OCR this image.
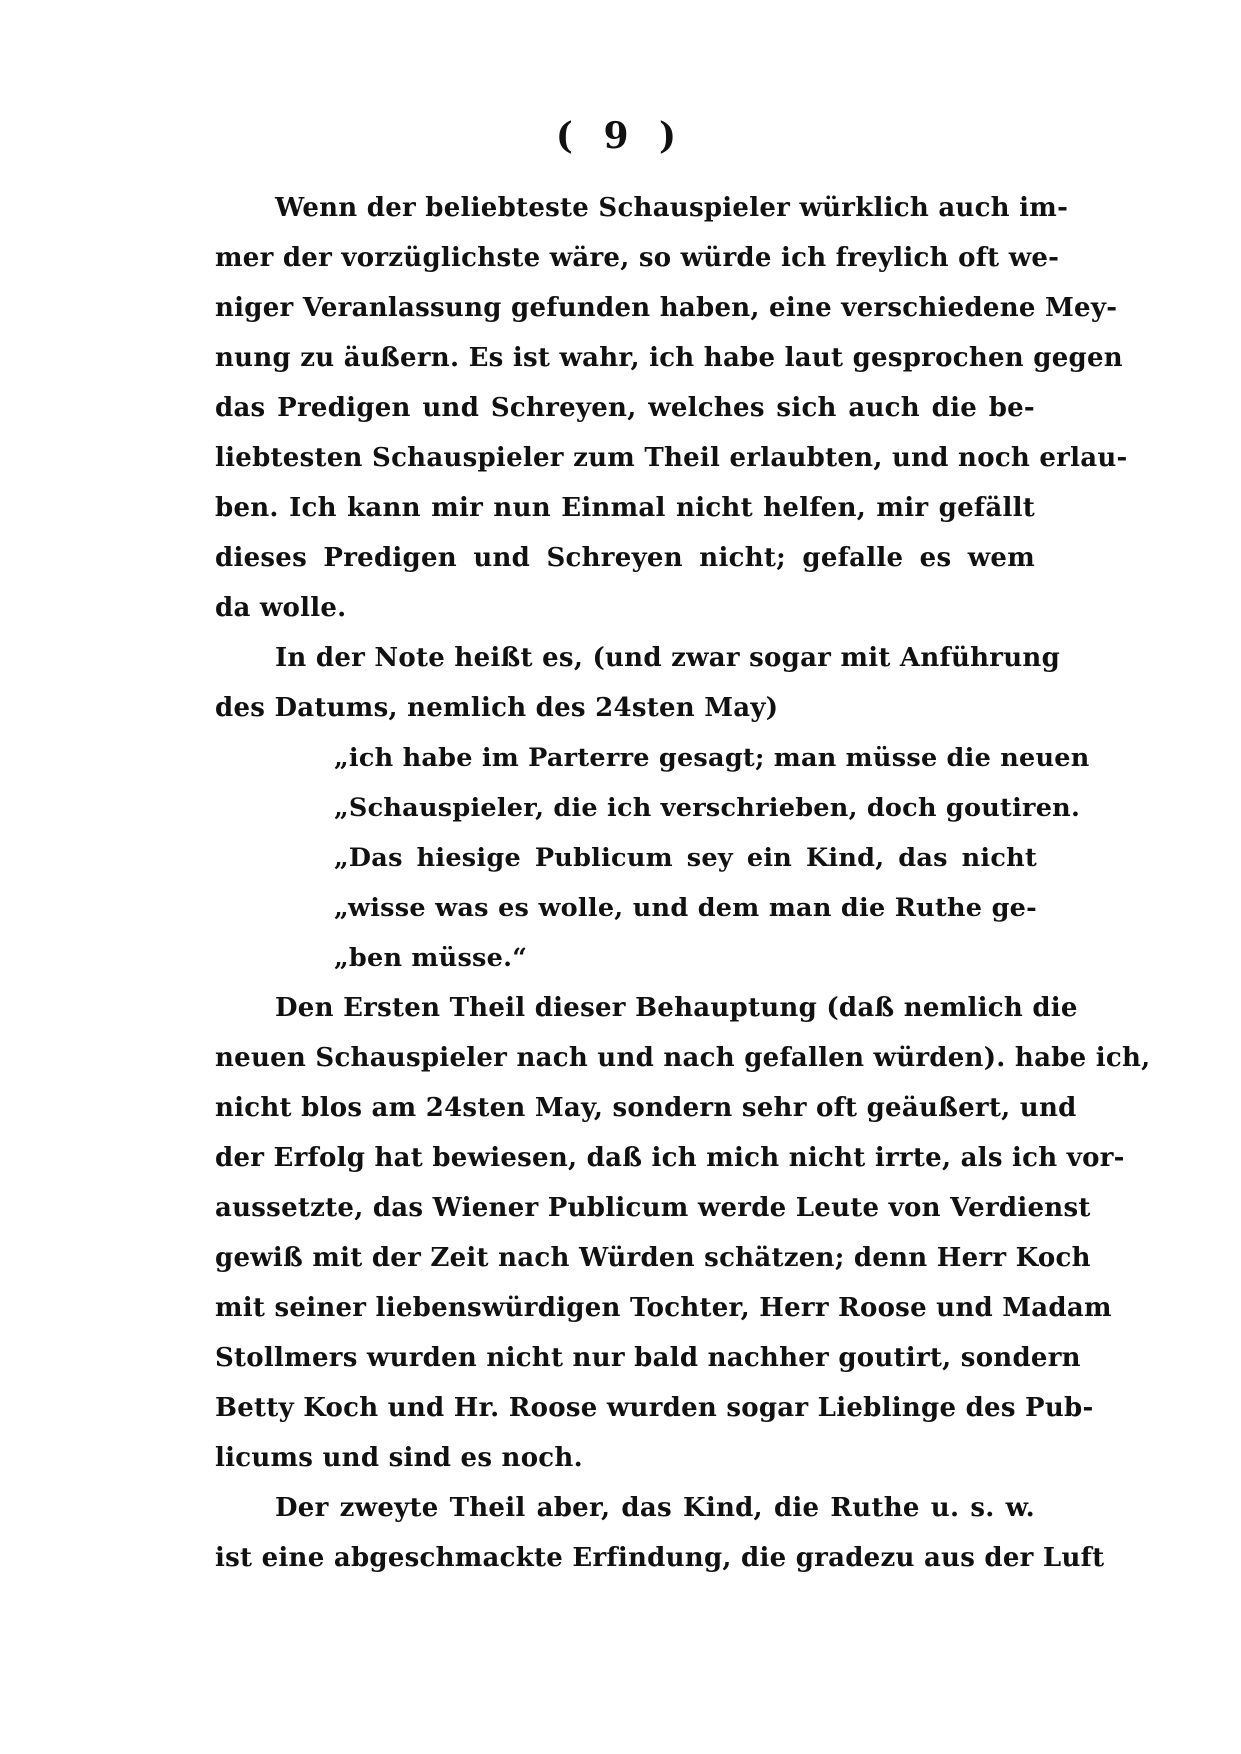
( 9 )
Wenn der beliebteste Schauspieler würklich auch im-
mer der vorzüglichste wäre, so würde ich freylich oft we-
niger Veranlassung gefunden haben, eine verschiedene Mey-
nung zu äußern. Es ist wahr, ich habe laut gesprochen gegen
das Predigen und Schreyen, welches sich auch die be-
liebtesten Schauspieler zum Theil erlaubten, und noch erlau-
ben. Ich kann mir nun Einmal nicht helfen, mir gefällt
dieses Predigen und Schreyen nicht; gefalle es wem
da wolle.
In der Note heißt es, (und zwar sogar mit Anführung
des Datums, nemlich des 24sten May)
„ich habe im Parterre gesagt; man müsse die neuen
„Schauspieler, die ich verschrieben, doch goutiren.
„Das hiesige Publicum sey ein Kind, das nicht
„wisse was es wolle, und dem man die Ruthe ge-
„ben müsse.“
Den Ersten Theil dieser Behauptung (daß nemlich die
neuen Schauspieler nach und nach gefallen würden). habe ich,
nicht blos am 24sten May, sondern sehr oft geäußert, und
der Erfolg hat bewiesen, daß ich mich nicht irrte, als ich vor-
aussetzte, das Wiener Publicum werde Leute von Verdienst
gewiß mit der Zeit nach Würden schätzen; denn Herr Koch
mit seiner liebenswürdigen Tochter, Herr Roose und Madam
Stollmers wurden nicht nur bald nachher goutirt, sondern
Betty Koch und Hr. Roose wurden sogar Lieblinge des Pub-
licums und sind es noch.
Der zweyte Theil aber, das Kind, die Ruthe u. s. w.
ist eine abgeschmackte Erfindung, die gradezu aus der Luft
